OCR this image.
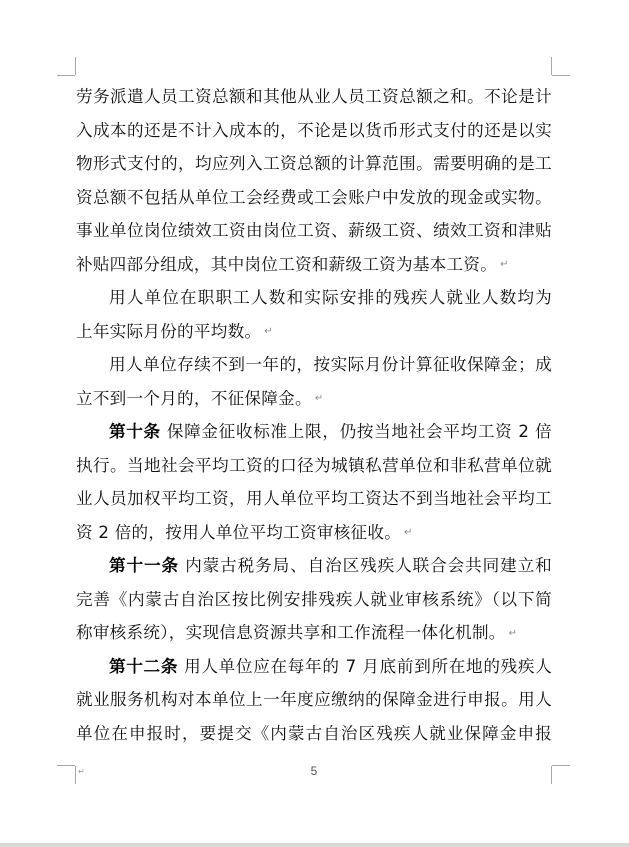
劳务派遣人员工资总额和其他从业人员工资总额之和。不论是计
入成本的还是不计入成本的，不论是以货币形式支付的还是以实
物形式支付的，均应列入工资总额的计算范围。需要明确的是工
资总额不包括从单位工会经费或工会账户中发放的现金或实物。
事业单位岗位绩效工资由岗位工资、薪级工资、绩效工资和津贴
补贴四部分组成，其中岗位工资和薪级工资为基本工资。 ↵
用人单位在职职工人数和实际安排的残疾人就业人数均为
上年实际月份的平均数。 ↵
用人单位存续不到一年的，按实际月份计算征收保障金；成
立不到一个月的，不征保障金。 ↵
第十条 保障金征收标准上限，仍按当地社会平均工资 2 倍
执行。当地社会平均工资的口径为城镇私营单位和非私营单位就
业人员加权平均工资，用人单位平均工资达不到当地社会平均工
资 2 倍的，按用人单位平均工资审核征收。 ↵
第十一条 内蒙古税务局、自治区残疾人联合会共同建立和
完善《内蒙古自治区按比例安排残疾人就业审核系统》（以下简
称审核系统），实现信息资源共享和工作流程一体化机制。 ↵
第十二条 用人单位应在每年的 7 月底前到所在地的残疾人
就业服务机构对本单位上一年度应缴纳的保障金进行申报。用人
单位在申报时，要提交《内蒙古自治区残疾人就业保障金申报
↵	5
